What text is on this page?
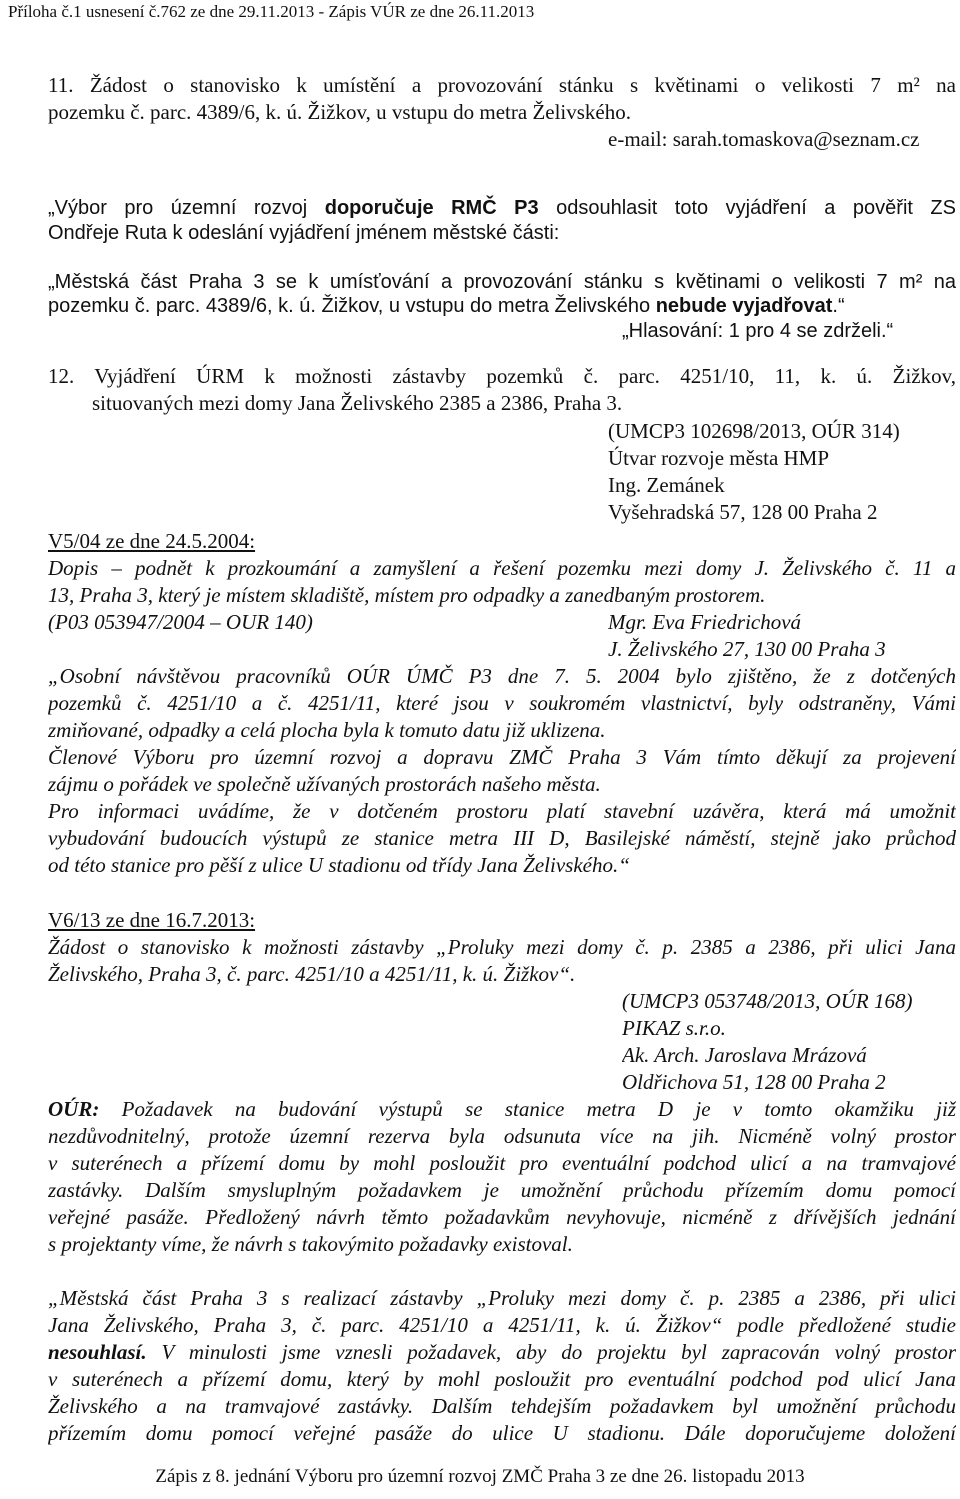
Příloha č.1 usnesení č.762 ze dne 29.11.2013 - Zápis VÚR ze dne 26.11.2013
11. Žádost o stanovisko k umístění a provozování stánku s květinami o velikosti 7 m² na
pozemku č. parc. 4389/6, k. ú. Žižkov, u vstupu do metra Želivského.
e-mail: sarah.tomaskova@seznam.cz
„Výbor pro územní rozvoj doporučuje RMČ P3 odsouhlasit toto vyjádření a pověřit ZS
Ondřeje Ruta k odeslání vyjádření jménem městské části:
„Městská část Praha 3 se k umísťování a provozování stánku s květinami o velikosti 7 m² na
pozemku č. parc. 4389/6, k. ú. Žižkov, u vstupu do metra Želivského nebude vyjadřovat.“
„Hlasování: 1 pro 4 se zdrželi.“
12. Vyjádření ÚRM k možnosti zástavby pozemků č. parc. 4251/10, 11, k. ú. Žižkov,
situovaných mezi domy Jana Želivského 2385 a 2386, Praha 3.
(UMCP3 102698/2013, OÚR 314)
Útvar rozvoje města HMP
Ing. Zemánek
Vyšehradská 57, 128 00 Praha 2
V5/04 ze dne 24.5.2004:
Dopis – podnět k prozkoumání a zamyšlení a řešení pozemku mezi domy J. Želivského č. 11 a
13, Praha 3, který je místem skladiště, místem pro odpadky a zanedbaným prostorem.
(P03 053947/2004 – OUR 140)	Mgr. Eva Friedrichová
J. Želivského 27, 130 00 Praha 3
„Osobní návštěvou pracovníků OÚR ÚMČ P3 dne 7. 5. 2004 bylo zjištěno, že z dotčených
pozemků č. 4251/10 a č. 4251/11, které jsou v soukromém vlastnictví, byly odstraněny, Vámi
zmiňované, odpadky a celá plocha byla k tomuto datu již uklizena.
Členové Výboru pro územní rozvoj a dopravu ZMČ Praha 3 Vám tímto děkují za projevení
zájmu o pořádek ve společně užívaných prostorách našeho města.
Pro informaci uvádíme, že v dotčeném prostoru platí stavební uzávěra, která má umožnit
vybudování budoucích výstupů ze stanice metra III D, Basilejské náměstí, stejně jako průchod
od této stanice pro pěší z ulice U stadionu od třídy Jana Želivského.“
V6/13 ze dne 16.7.2013:
Žádost o stanovisko k možnosti zástavby „Proluky mezi domy č. p. 2385 a 2386, při ulici Jana
Želivského, Praha 3, č. parc. 4251/10 a 4251/11, k. ú. Žižkov“.
(UMCP3 053748/2013, OÚR 168)
PIKAZ s.r.o.
Ak. Arch. Jaroslava Mrázová
Oldřichova 51, 128 00 Praha 2
OÚR: Požadavek na budování výstupů se stanice metra D je v tomto okamžiku již
nezdůvodnitelný, protože územní rezerva byla odsunuta více na jih. Nicméně volný prostor
v suterénech a přízemí domu by mohl posloužit pro eventuální podchod ulicí a na tramvajové
zastávky. Dalším smysluplným požadavkem je umožnění průchodu přízemím domu pomocí
veřejné pasáže. Předložený návrh těmto požadavkům nevyhovuje, nicméně z dřívějších jednání
s projektanty víme, že návrh s takovýmito požadavky existoval.
„Městská část Praha 3 s realizací zástavby „Proluky mezi domy č. p. 2385 a 2386, při ulici
Jana Želivského, Praha 3, č. parc. 4251/10 a 4251/11, k. ú. Žižkov“ podle předložené studie
nesouhlasí. V minulosti jsme vznesli požadavek, aby do projektu byl zapracován volný prostor
v suterénech a přízemí domu, který by mohl posloužit pro eventuální podchod pod ulicí Jana
Želivského a na tramvajové zastávky. Dalším tehdejším požadavkem byl umožnění průchodu
přízemím domu pomocí veřejné pasáže do ulice U stadionu. Dále doporučujeme doložení
Zápis z 8. jednání Výboru pro územní rozvoj ZMČ Praha 3 ze dne 26. listopadu 2013
